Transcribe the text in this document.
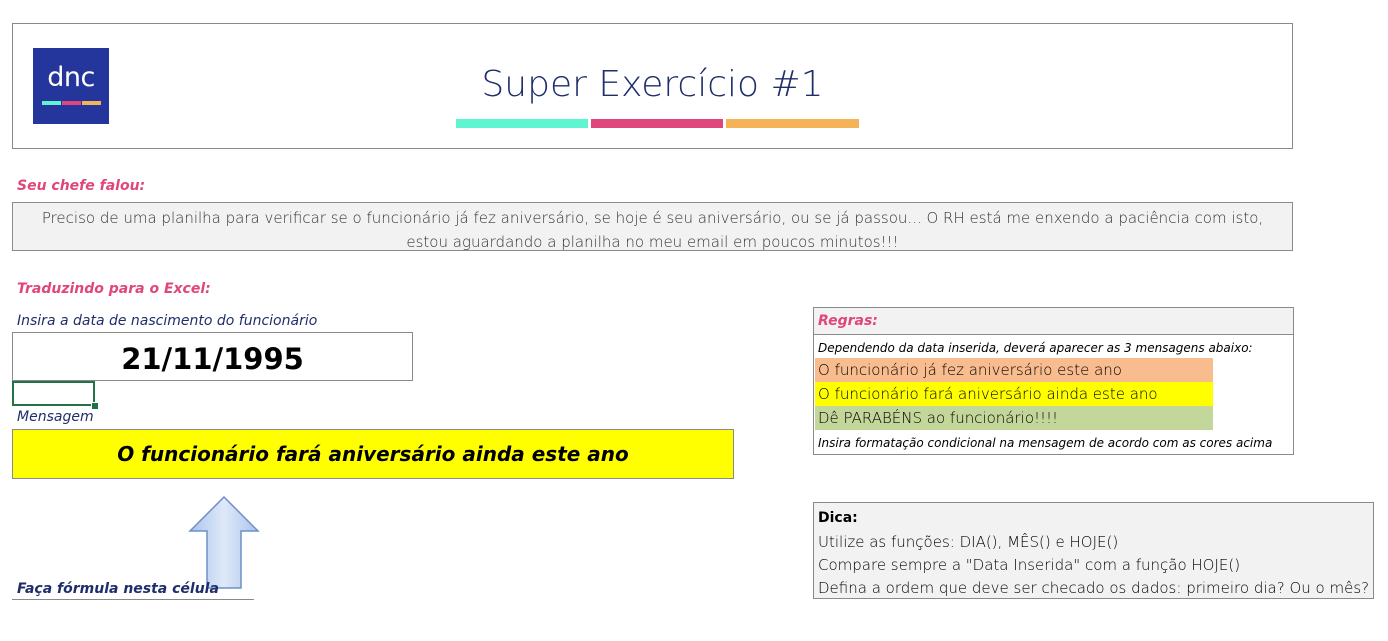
dnc	Super Exercício #1
Seu chefe falou:
Preciso de uma planilha para verificar se o funcionário já fez aniversário, se hoje é seu aniversário, ou se já passou... O RH está me enxendo a paciência com isto, estou aguardando a planilha no meu email em poucos minutos!!!
Traduzindo para o Excel:
Insira a data de nascimento do funcionário
21/11/1995
Mensagem
O funcionário fará aniversário ainda este ano
Faça fórmula nesta célula
Regras:
Dependendo da data inserida, deverá aparecer as 3 mensagens abaixo:
O funcionário já fez aniversário este ano
O funcionário fará aniversário ainda este ano
Dê PARABÉNS ao funcionário!!!!
Insira formatação condicional na mensagem de acordo com as cores acima
Dica:
Utilize as funções: DIA(), MÊS() e HOJE()
Compare sempre a "Data Inserida" com a função HOJE()
Defina a ordem que deve ser checado os dados: primeiro dia? Ou o mês?
